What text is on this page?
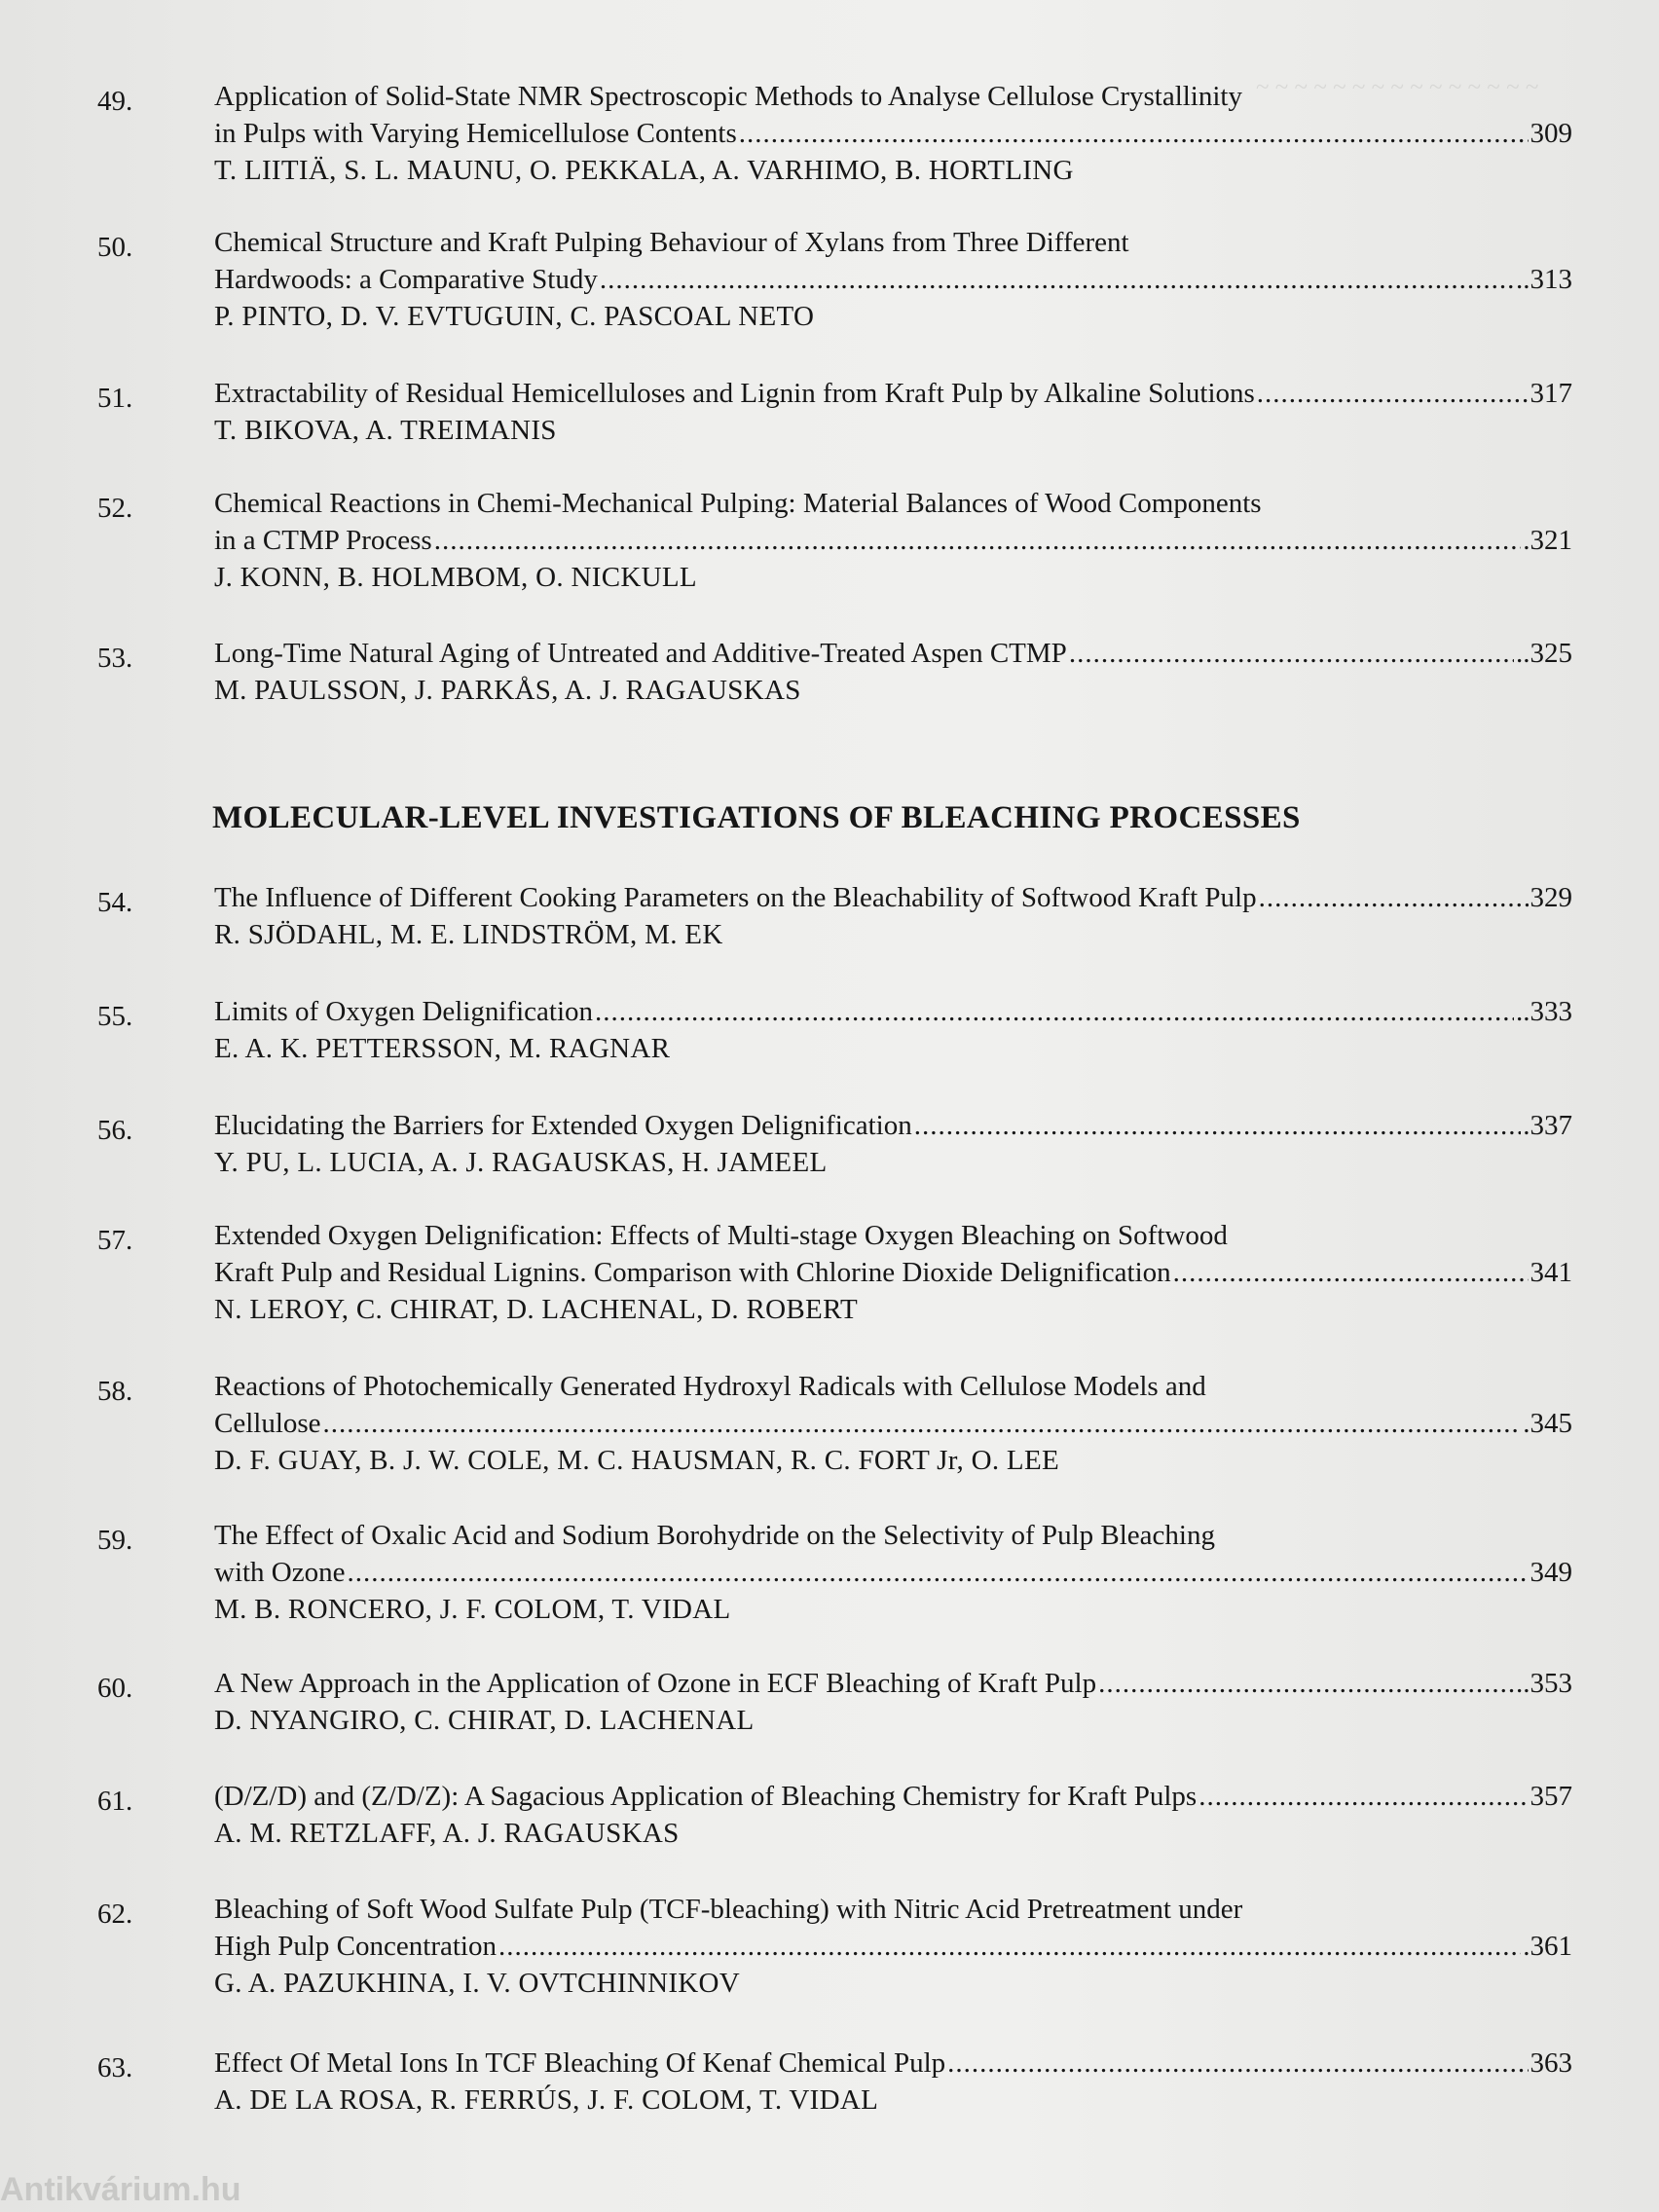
~ ~ ~ ~ ~ ~ ~ ~ ~ ~ ~ ~ ~ ~ ~
49.	Application of Solid-State NMR Spectroscopic Methods to Analyse Cellulose Crystallinity
in Pulps with Varying Hemicellulose Contents .....	309
T. LIITIÄ, S. L. MAUNU, O. PEKKALA, A. VARHIMO, B. HORTLING
50.	Chemical Structure and Kraft Pulping Behaviour of Xylans from Three Different
Hardwoods: a Comparative Study .....	..313
P. PINTO, D. V. EVTUGUIN, C. PASCOAL NETO
51.	Extractability of Residual Hemicelluloses and Lignin from Kraft Pulp by Alkaline Solutions .....	317
T. BIKOVA, A. TREIMANIS
52.	Chemical Reactions in Chemi-Mechanical Pulping: Material Balances of Wood Components
in a CTMP Process .....	.321
J. KONN, B. HOLMBOM, O. NICKULL
53.	Long-Time Natural Aging of Untreated and Additive-Treated Aspen CTMP .....	..325
M. PAULSSON, J. PARKÅS, A. J. RAGAUSKAS
MOLECULAR-LEVEL INVESTIGATIONS OF BLEACHING PROCESSES
54.	The Influence of Different Cooking Parameters on the Bleachability of Softwood Kraft Pulp .....	329
R. SJÖDAHL, M. E. LINDSTRÖM, M. EK
55.	Limits of Oxygen Delignification .....	..333
E. A. K. PETTERSSON, M. RAGNAR
56.	Elucidating the Barriers for Extended Oxygen Delignification .....	.337
Y. PU, L. LUCIA, A. J. RAGAUSKAS, H. JAMEEL
57.	Extended Oxygen Delignification: Effects of Multi-stage Oxygen Bleaching on Softwood
Kraft Pulp and Residual Lignins. Comparison with Chlorine Dioxide Delignification .....	341
N. LEROY, C. CHIRAT, D. LACHENAL, D. ROBERT
58.	Reactions of Photochemically Generated Hydroxyl Radicals with Cellulose Models and
Cellulose .....	.345
D. F. GUAY, B. J. W. COLE, M. C. HAUSMAN, R. C. FORT Jr, O. LEE
59.	The Effect of Oxalic Acid and Sodium Borohydride on the Selectivity of Pulp Bleaching
with Ozone .....	349
M. B. RONCERO, J. F. COLOM, T. VIDAL
60.	A New Approach in the Application of Ozone in ECF Bleaching of Kraft Pulp .....	..353
D. NYANGIRO, C. CHIRAT, D. LACHENAL
61.	(D/Z/D) and (Z/D/Z): A Sagacious Application of Bleaching Chemistry for Kraft Pulps .....	357
A. M. RETZLAFF, A. J. RAGAUSKAS
62.	Bleaching of Soft Wood Sulfate Pulp (TCF-bleaching) with Nitric Acid Pretreatment under
High Pulp Concentration .....	.361
G. A. PAZUKHINA, I. V. OVTCHINNIKOV
63.	Effect Of Metal Ions In TCF Bleaching Of Kenaf Chemical Pulp .....	363
A. DE LA ROSA, R. FERRÚS, J. F. COLOM, T. VIDAL
Antikvárium.hu
